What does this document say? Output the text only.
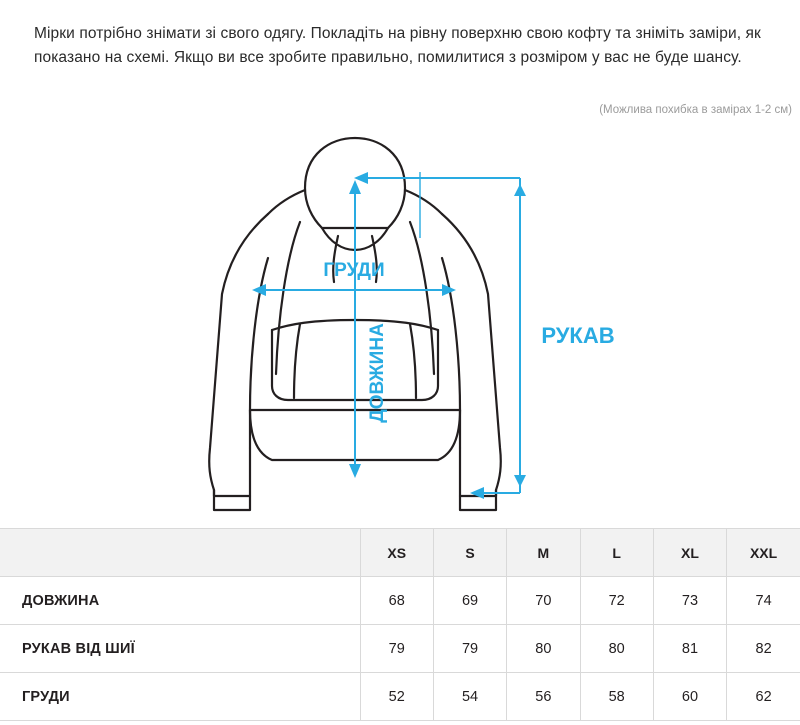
Мірки потрібно знімати зі свого одягу. Покладіть на рівну поверхню свою кофту та зніміть заміри, як показано на схемі. Якщо ви все зробите правильно, помилитися з розміром у вас не буде шансу.
(Можлива похибка в замірах 1-2 см)
ГРУДИ
ДОВЖИНА	РУКАВ
	XS	S	M	L	XL	XXL
ДОВЖИНА	68	69	70	72	73	74
РУКАВ ВІД ШИЇ	79	79	80	80	81	82
ГРУДИ	52	54	56	58	60	62
